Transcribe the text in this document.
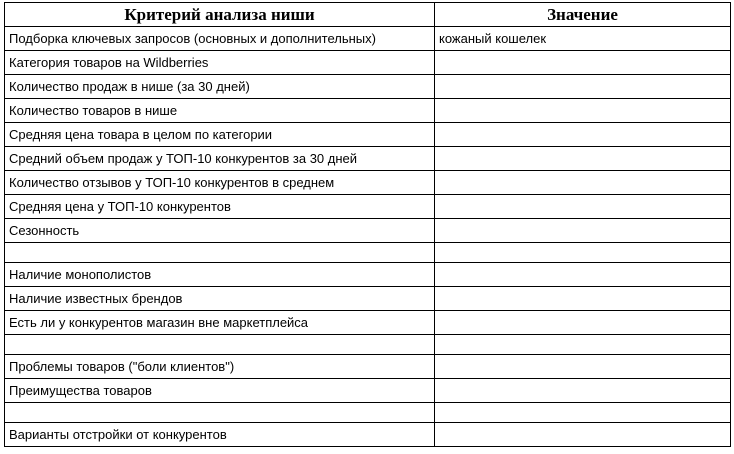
Критерий анализа ниши	Значение
Подборка ключевых запросов (основных и дополнительных)	кожаный кошелек
Категория товаров на Wildberries	
Количество продаж в нише (за 30 дней)	
Количество товаров в нише	
Средняя цена товара в целом по категории	
Средний объем продаж у ТОП-10 конкурентов за 30 дней	
Количество отзывов у ТОП-10 конкурентов в среднем	
Средняя цена у ТОП-10 конкурентов	
Сезонность	

Наличие монополистов	
Наличие известных брендов	
Есть ли у конкурентов магазин вне маркетплейса	

Проблемы товаров ("боли клиентов")	
Преимущества товаров	

Варианты отстройки от конкурентов	
